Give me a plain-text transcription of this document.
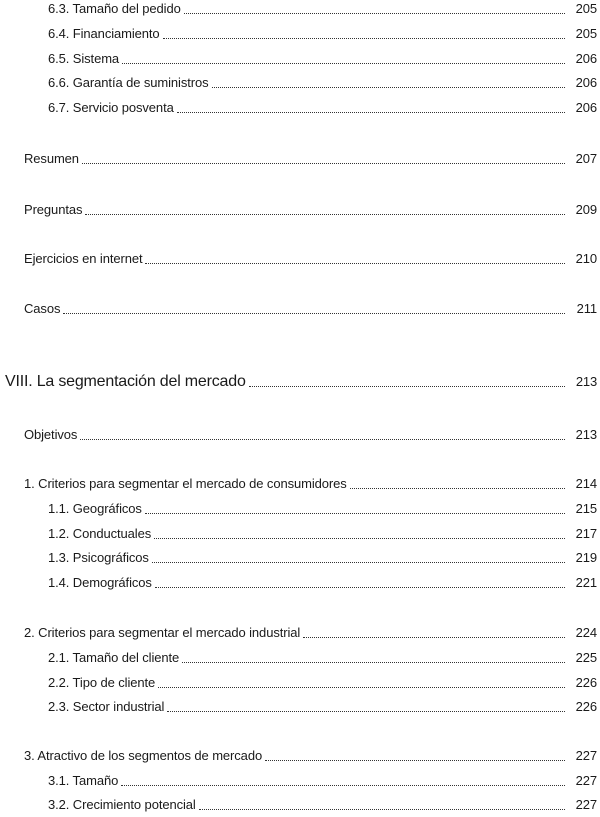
6.3. Tamaño del pedido	205
6.4. Financiamiento	205
6.5. Sistema	206
6.6. Garantía de suministros	206
6.7. Servicio posventa	206
Resumen	207
Preguntas	209
Ejercicios en internet	210
Casos	211
VIII. La segmentación del mercado	213
Objetivos	213
1. Criterios para segmentar el mercado de consumidores	214
1.1. Geográficos	215
1.2. Conductuales	217
1.3. Psicográficos	219
1.4. Demográficos	221
2. Criterios para segmentar el mercado industrial	224
2.1. Tamaño del cliente	225
2.2. Tipo de cliente	226
2.3. Sector industrial	226
3. Atractivo de los segmentos de mercado	227
3.1. Tamaño	227
3.2. Crecimiento potencial	227
